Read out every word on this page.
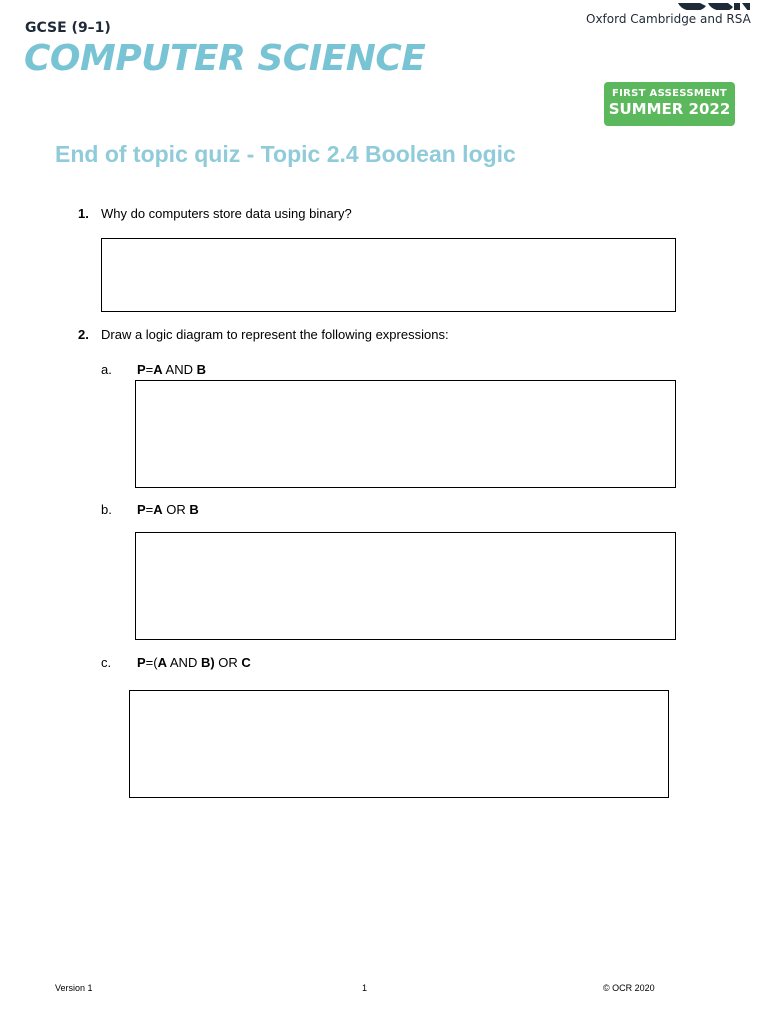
GCSE (9–1)
COMPUTER SCIENCE
Oxford Cambridge and RSA
FIRST ASSESSMENT
SUMMER 2022
End of topic quiz - Topic 2.4 Boolean logic
1. Why do computers store data using binary?
2. Draw a logic diagram to represent the following expressions:
a. P=A AND B
b. P=A OR B
c. P=(A AND B) OR C
Version 1	1	© OCR 2020
